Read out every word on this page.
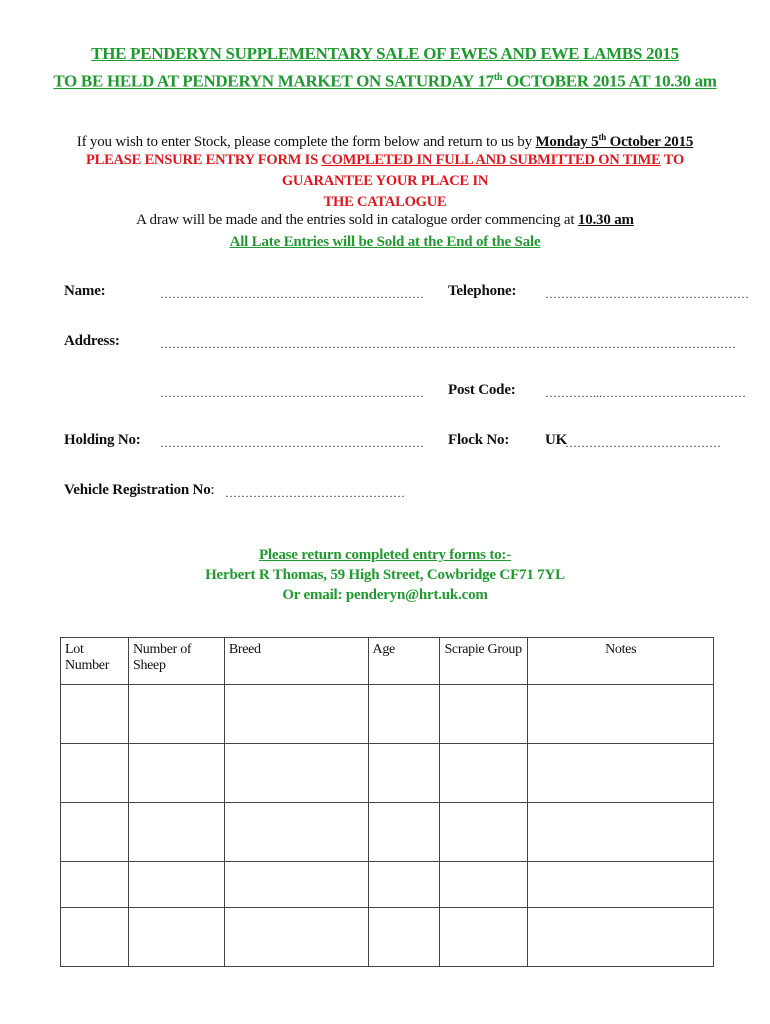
THE PENDERYN SUPPLEMENTARY SALE OF EWES AND EWE LAMBS 2015
TO BE HELD AT PENDERYN MARKET ON SATURDAY 17th OCTOBER 2015 AT 10.30 am
If you wish to enter Stock, please complete the form below and return to us by Monday 5th October 2015
PLEASE ENSURE ENTRY FORM IS COMPLETED IN FULL AND SUBMITTED ON TIME TO GUARANTEE YOUR PLACE IN
THE CATALOGUE
A draw will be made and the entries sold in catalogue order commencing at 10.30 am
All Late Entries will be Sold at the End of the Sale
Name:	………………………………………………………… Telephone: ……………………………………………
Address:	………………………………………………………………………………………………………………………………
………………………………………………………… Post Code: …………...………………………………
Holding No: ………………………………………………………… Flock No: UK
…………………………………
Vehicle Registration No: ………………………………………
Please return completed entry forms to:-
Herbert R Thomas, 59 High Street, Cowbridge CF71 7YL
Or email: penderyn@hrt.uk.com
Lot Number	Number of Sheep	Breed	Age	Scrapie Group	Notes
